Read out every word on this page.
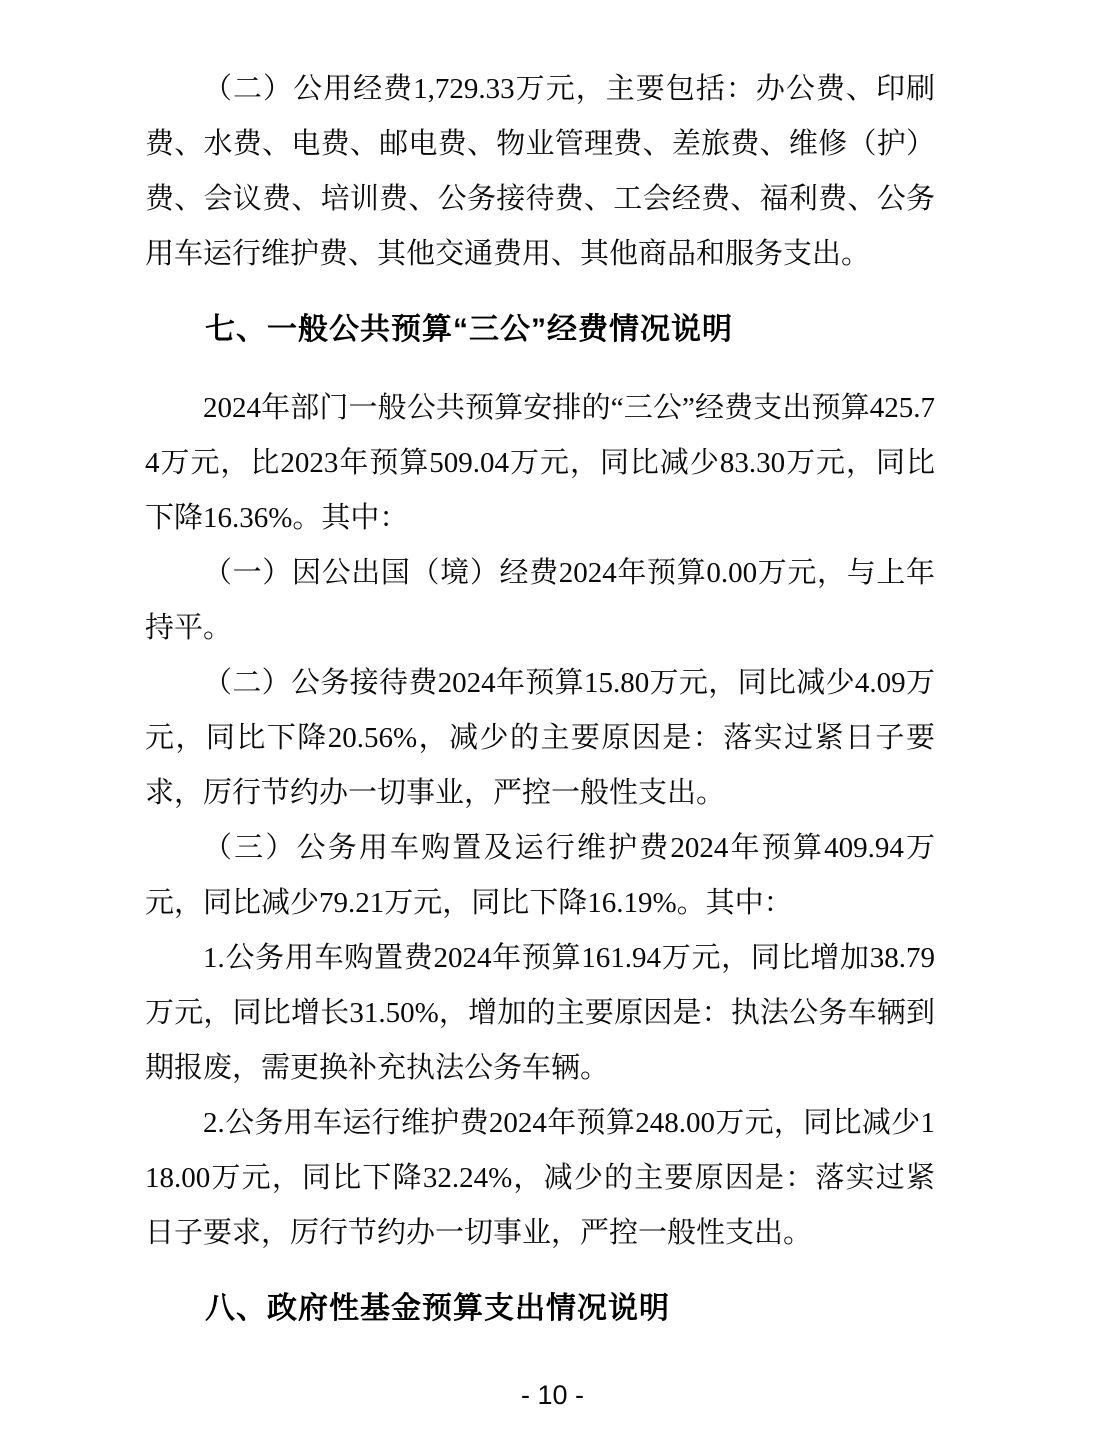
（二）公用经费1,729.33万元，主要包括：办公费、印刷费、水费、电费、邮电费、物业管理费、差旅费、维修（护）费、会议费、培训费、公务接待费、工会经费、福利费、公务用车运行维护费、其他交通费用、其他商品和服务支出。

七、一般公共预算“三公”经费情况说明

2024年部门一般公共预算安排的“三公”经费支出预算425.74万元，比2023年预算509.04万元，同比减少83.30万元，同比下降16.36%。其中：

（一）因公出国（境）经费2024年预算0.00万元，与上年持平。

（二）公务接待费2024年预算15.80万元，同比减少4.09万元，同比下降20.56%，减少的主要原因是：落实过紧日子要求，厉行节约办一切事业，严控一般性支出。

（三）公务用车购置及运行维护费2024年预算409.94万元，同比减少79.21万元，同比下降16.19%。其中：

1.公务用车购置费2024年预算161.94万元，同比增加38.79万元，同比增长31.50%，增加的主要原因是：执法公务车辆到期报废，需更换补充执法公务车辆。

2.公务用车运行维护费2024年预算248.00万元，同比减少118.00万元，同比下降32.24%，减少的主要原因是：落实过紧日子要求，厉行节约办一切事业，严控一般性支出。

八、政府性基金预算支出情况说明
- 10 -
